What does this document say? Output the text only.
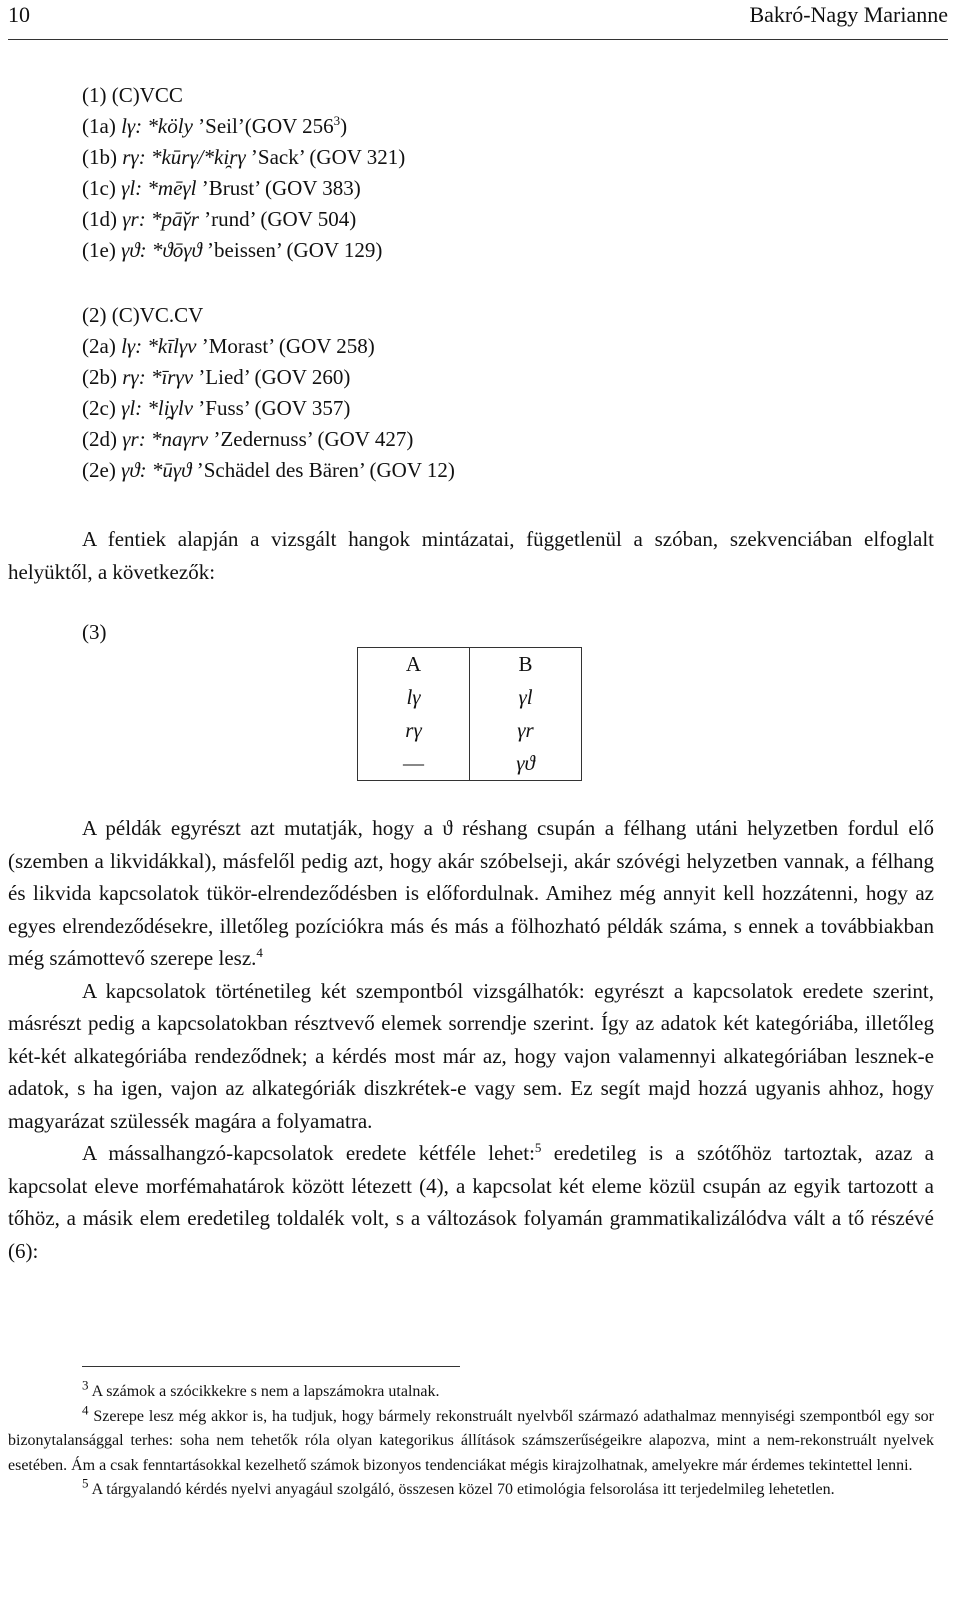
10	Bakró-Nagy Marianne
(1) (C)VCC
(1a) lγ: *köly ’Seil’(GOV $256^3$)
(1b) rγ: *kūrγ/*ki̯rγ ’Sack’ (GOV 321)
(1c) γl: *mēγl ’Brust’ (GOV 383)
(1d) γr: *pā̆γr ’rund’ (GOV 504)
(1e) γϑ: *ϑōγϑ ’beissen’ (GOV 129)
(2) (C)VC.CV
(2a) lγ: *kīlγv ’Morast’ (GOV 258)
(2b) rγ: *īrγv ’Lied’ (GOV 260)
(2c) γl: *li̯γlv ’Fuss’ (GOV 357)
(2d) γr: *naγrv ’Zedernuss’ (GOV 427)
(2e) γϑ: *ūγϑ ’Schädel des Bären’ (GOV 12)

A fentiek alapján a vizsgált hangok mintázatai, függetlenül a szóban, szekvenciában elfoglalt helyüktől, a következők:

(3)
A	B
lγ	γl
rγ	γr
—	γϑ

A példák egyrészt azt mutatják, hogy a ϑ réshang csupán a félhang utáni helyzetben fordul elő (szemben a likvidákkal), másfelől pedig azt, hogy akár szóbelseji, akár szóvégi helyzetben vannak, a félhang és likvida kapcsolatok tükör-elrendeződésben is előfordulnak. Amihez még annyit kell hozzátenni, hogy az egyes elrendeződésekre, illetőleg pozíciókra más és más a fölhozható példák száma, s ennek a továbbiakban még számottevő szerepe lesz.$^4$

A kapcsolatok történetileg két szempontból vizsgálhatók: egyrészt a kapcsolatok eredete szerint, másrészt pedig a kapcsolatokban résztvevő elemek sorrendje szerint. Így az adatok két kategóriába, illetőleg két-két alkategóriába rendeződnek; a kérdés most már az, hogy vajon valamennyi alkategóriában lesznek-e adatok, s ha igen, vajon az alkategóriák diszkrétek-e vagy sem. Ez segít majd hozzá ugyanis ahhoz, hogy magyarázat szülessék magára a folyamatra.

A mássalhangzó-kapcsolatok eredete kétféle lehet:$^5$ eredetileg is a szótőhöz tartoztak, azaz a kapcsolat eleve morfémahatárok között létezett (4), a kapcsolat két eleme közül csupán az egyik tartozott a tőhöz, a másik elem eredetileg toldalék volt, s a változások folyamán grammatikalizálódva vált a tő részévé (6):

$^3$ A számok a szócikkekre s nem a lapszámokra utalnak.

$^4$ Szerepe lesz még akkor is, ha tudjuk, hogy bármely rekonstruált nyelvből származó adathalmaz mennyiségi szempontból egy sor bizonytalansággal terhes: soha nem tehetők róla olyan kategorikus állítások számszerűségeikre alapozva, mint a nem-rekonstruált nyelvek esetében. Ám a csak fenntartásokkal kezelhető számok bizonyos tendenciákat mégis kirajzolhatnak, amelyekre már érdemes tekintettel lenni.

$^5$ A tárgyalandó kérdés nyelvi anyagául szolgáló, összesen közel 70 etimológia felsorolása itt terjedelmileg lehetetlen.
